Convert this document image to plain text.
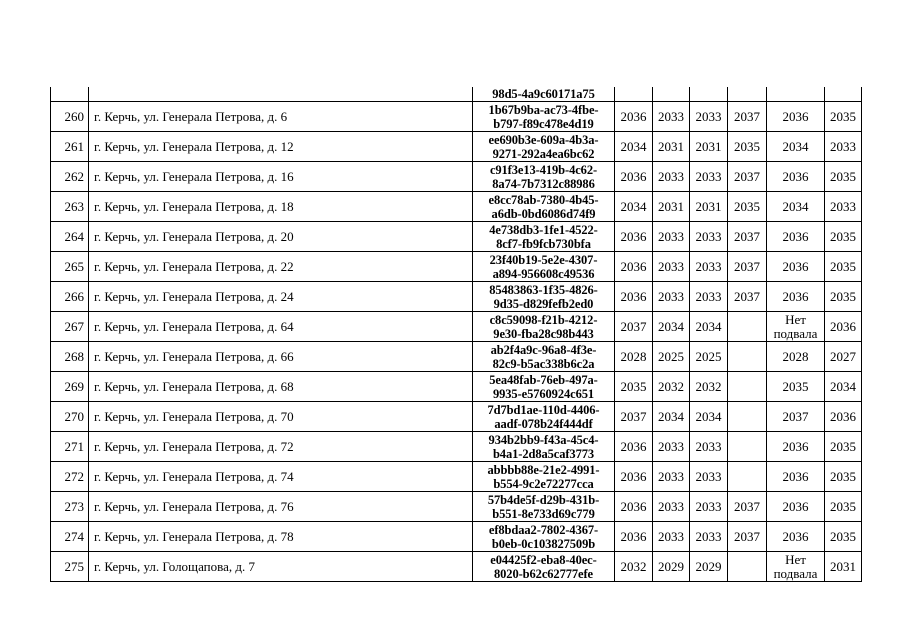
		98d5-4a9c60171a75						
260	г. Керчь, ул. Генерала Петрова, д. 6	1b67b9ba-ac73-4fbe-
b797-f89c478e4d19	2036	2033	2033	2037	2036	2035
261	г. Керчь, ул. Генерала Петрова, д. 12	ee690b3e-609a-4b3a-
9271-292a4ea6bc62	2034	2031	2031	2035	2034	2033
262	г. Керчь, ул. Генерала Петрова, д. 16	c91f3e13-419b-4c62-
8a74-7b7312c88986	2036	2033	2033	2037	2036	2035
263	г. Керчь, ул. Генерала Петрова, д. 18	e8cc78ab-7380-4b45-
a6db-0bd6086d74f9	2034	2031	2031	2035	2034	2033
264	г. Керчь, ул. Генерала Петрова, д. 20	4e738db3-1fe1-4522-
8cf7-fb9fcb730bfa	2036	2033	2033	2037	2036	2035
265	г. Керчь, ул. Генерала Петрова, д. 22	23f40b19-5e2e-4307-
a894-956608c49536	2036	2033	2033	2037	2036	2035
266	г. Керчь, ул. Генерала Петрова, д. 24	85483863-1f35-4826-
9d35-d829fefb2ed0	2036	2033	2033	2037	2036	2035
267	г. Керчь, ул. Генерала Петрова, д. 64	c8c59098-f21b-4212-
9e30-fba28c98b443	2037	2034	2034		Нет
подвала	2036
268	г. Керчь, ул. Генерала Петрова, д. 66	ab2f4a9c-96a8-4f3e-
82c9-b5ac338b6c2a	2028	2025	2025		2028	2027
269	г. Керчь, ул. Генерала Петрова, д. 68	5ea48fab-76eb-497a-
9935-e5760924c651	2035	2032	2032		2035	2034
270	г. Керчь, ул. Генерала Петрова, д. 70	7d7bd1ae-110d-4406-
aadf-078b24f444df	2037	2034	2034		2037	2036
271	г. Керчь, ул. Генерала Петрова, д. 72	934b2bb9-f43a-45c4-
b4a1-2d8a5caf3773	2036	2033	2033		2036	2035
272	г. Керчь, ул. Генерала Петрова, д. 74	abbbb88e-21e2-4991-
b554-9c2e72277cca	2036	2033	2033		2036	2035
273	г. Керчь, ул. Генерала Петрова, д. 76	57b4de5f-d29b-431b-
b551-8e733d69c779	2036	2033	2033	2037	2036	2035
274	г. Керчь, ул. Генерала Петрова, д. 78	ef8bdaa2-7802-4367-
b0eb-0c103827509b	2036	2033	2033	2037	2036	2035
275	г. Керчь, ул. Голощапова, д. 7	e04425f2-eba8-40ec-
8020-b62c62777efe	2032	2029	2029		Нет
подвала	2031
